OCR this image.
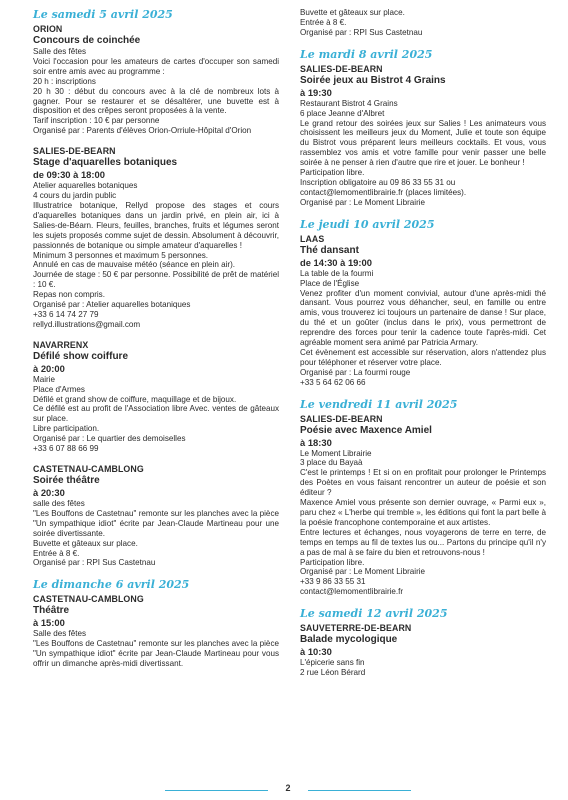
Le samedi 5 avril 2025
ORION
Concours de coinchée
Salle des fêtes
Voici l'occasion pour les amateurs de cartes d'occuper son samedi soir entre amis avec au programme :
20 h : inscriptions
20 h 30 : début du concours avec à la clé de nombreux lots à gagner. Pour se restaurer et se désaltérer, une buvette est à disposition et des crêpes seront proposées à la vente.
Tarif inscription : 10 € par personne
Organisé par : Parents d'élèves Orion-Orriule-Hôpital d'Orion
SALIES-DE-BEARN
Stage d'aquarelles botaniques
de 09:30 à 18:00
Atelier aquarelles botaniques
4 cours du jardin public
Illustratrice botanique, Rellyd propose des stages et cours d'aquarelles botaniques dans un jardin privé, en plein air, ici à Salies-de-Béarn. Fleurs, feuilles, branches, fruits et légumes seront les sujets proposés comme sujet de dessin. Absolument à découvrir, passionnés de botanique ou simple amateur d'aquarelles !
Minimum 3 personnes et maximum 5 personnes.
Annulé en cas de mauvaise météo (séance en plein air).
Journée de stage : 50 € par personne. Possibilité de prêt de matériel : 10 €.
Repas non compris.
Organisé par : Atelier aquarelles botaniques
+33 6 14 74 27 79
rellyd.illustrations@gmail.com
NAVARRENX
Défilé show coiffure
à 20:00
Mairie
Place d'Armes
Défilé et grand show de coiffure, maquillage et de bijoux.
Ce défilé est au profit de l'Association libre Avec. ventes de gâteaux sur place.
Libre participation.
Organisé par : Le quartier des demoiselles
+33 6 07 88 66 99
CASTETNAU-CAMBLONG
Soirée théâtre
à 20:30
salle des fêtes
"Les Bouffons de Castetnau" remonte sur les planches avec la pièce "Un sympathique idiot" écrite par Jean-Claude Martineau pour une soirée divertissante.
Buvette et gâteaux sur place.
Entrée à 8 €.
Organisé par : RPI Sus Castetnau
Le dimanche 6 avril 2025
CASTETNAU-CAMBLONG
Théâtre
à 15:00
Salle des fêtes
"Les Bouffons de Castetnau" remonte sur les planches avec la pièce "Un sympathique idiot" écrite par Jean-Claude Martineau pour vous offrir un dimanche après-midi divertissant.
Buvette et gâteaux sur place.
Entrée à 8 €.
Organisé par : RPI Sus Castetnau
Le mardi 8 avril 2025
SALIES-DE-BEARN
Soirée jeux au Bistrot 4 Grains
à 19:30
Restaurant Bistrot 4 Grains
6 place Jeanne d'Albret
Le grand retour des soirées jeux sur Salies ! Les animateurs vous choisissent les meilleurs jeux du Moment, Julie et toute son équipe du Bistrot vous préparent leurs meilleurs cocktails. Et vous, vous rassemblez vos amis et votre famille pour venir passer une belle soirée à ne penser à rien d'autre que rire et jouer. Le bonheur !
Participation libre.
Inscription obligatoire au 09 86 33 55 31 ou
contact@lemomentlibrairie.fr (places limitées).
Organisé par : Le Moment Librairie
Le jeudi 10 avril 2025
LAAS
Thé dansant
de 14:30 à 19:00
La table de la fourmi
Place de l'Église
Venez profiter d'un moment convivial, autour d'une après-midi thé dansant. Vous pourrez vous déhancher, seul, en famille ou entre amis, vous trouverez ici toujours un partenaire de danse ! Sur place, du thé et un goûter (inclus dans le prix), vous permettront de reprendre des forces pour tenir la cadence toute l'après-midi. Cet agréable moment sera animé par Patricia Armary.
Cet évènement est accessible sur réservation, alors n'attendez plus pour téléphoner et réserver votre place.
Organisé par : La fourmi rouge
+33 5 64 62 06 66
Le vendredi 11 avril 2025
SALIES-DE-BEARN
Poésie avec Maxence Amiel
à 18:30
Le Moment Librairie
3 place du Bayaà
C'est le printemps ! Et si on en profitait pour prolonger le Printemps des Poètes en vous faisant rencontrer un auteur de poésie et son éditeur ?
Maxence Amiel vous présente son dernier ouvrage, « Parmi eux », paru chez « L'herbe qui tremble », les éditions qui font la part belle à la poésie francophone contemporaine et aux artistes.
Entre lectures et échanges, nous voyagerons de terre en terre, de temps en temps au fil de textes lus ou... Partons du principe qu'il n'y a pas de mal à se faire du bien et retrouvons-nous !
Participation libre.
Organisé par : Le Moment Librairie
+33 9 86 33 55 31
contact@lemomentlibrairie.fr
Le samedi 12 avril 2025
SAUVETERRE-DE-BEARN
Balade mycologique
à 10:30
L'épicerie sans fin
2 rue Léon Bérard
2
